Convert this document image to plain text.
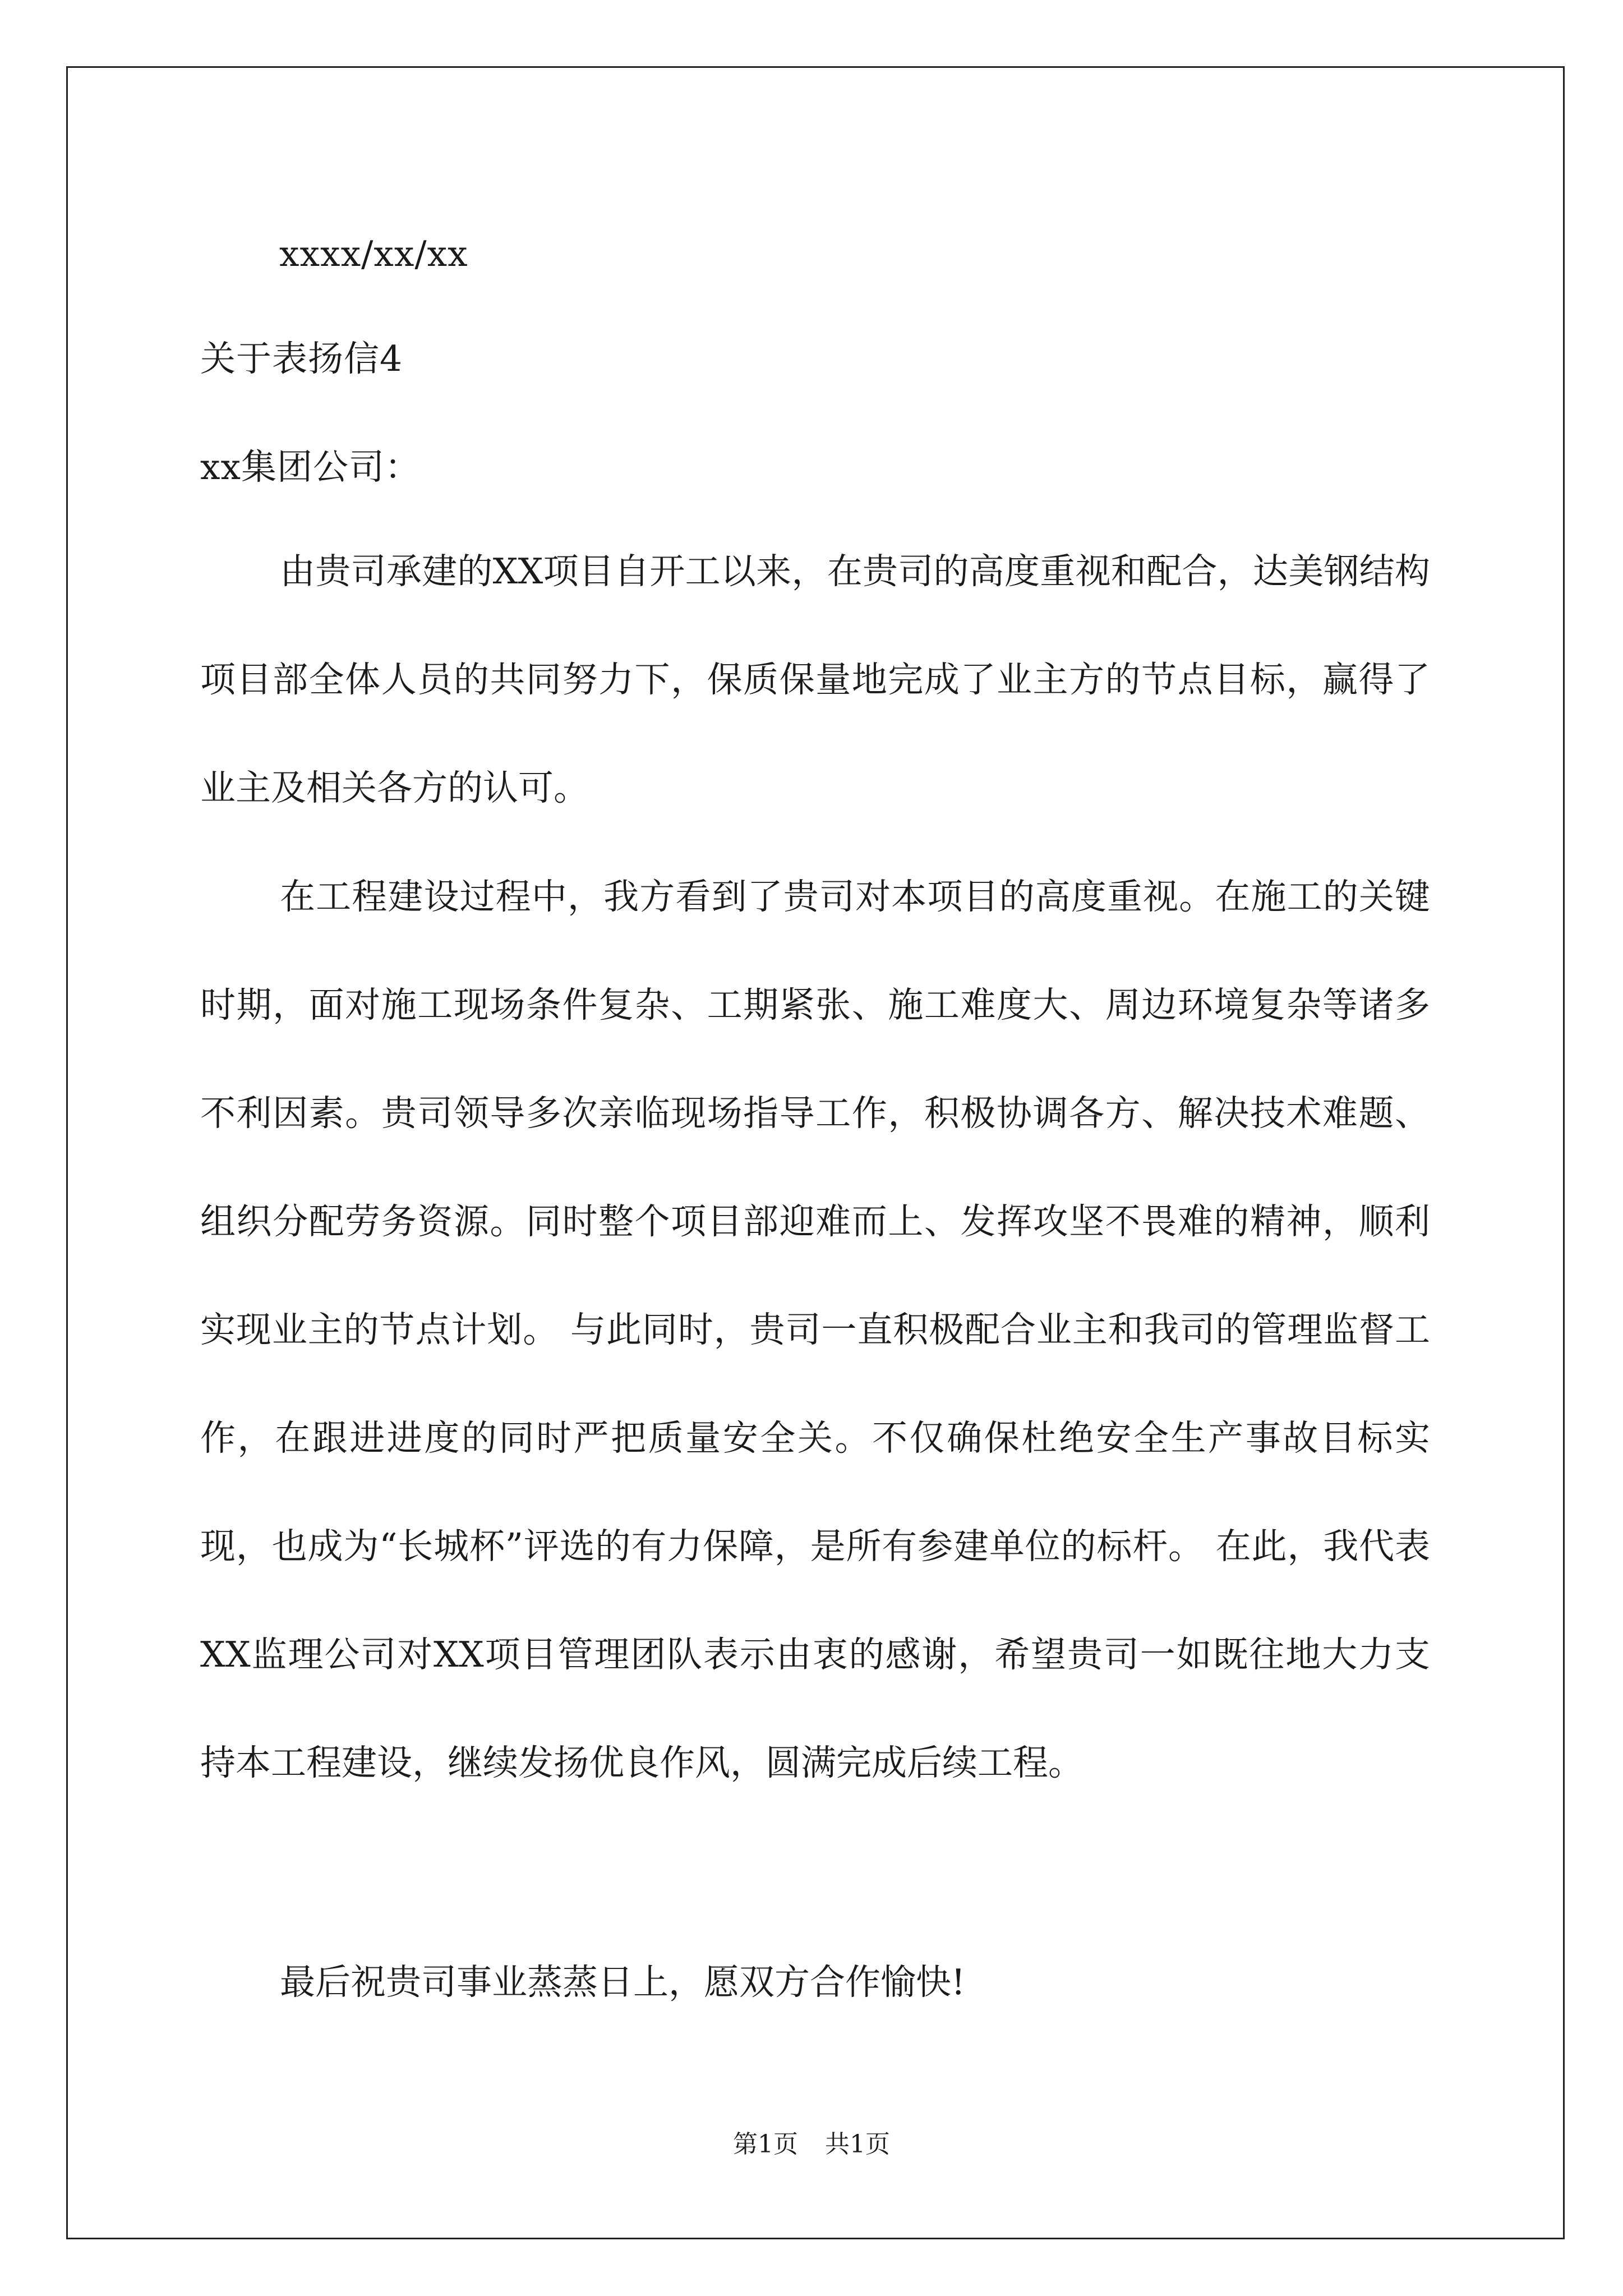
xxxx/xx/xx
关于表扬信4
xx集团公司：
由贵司承建的XX项目自开工以来，在贵司的高度重视和配合，达美钢结构项目部全体人员的共同努力下，保质保量地完成了业主方的节点目标，赢得了业主及相关各方的认可。
在工程建设过程中，我方看到了贵司对本项目的高度重视。在施工的关键时期，面对施工现场条件复杂、工期紧张、施工难度大、周边环境复杂等诸多不利因素。贵司领导多次亲临现场指导工作，积极协调各方、解决技术难题、组织分配劳务资源。同时整个项目部迎难而上、发挥攻坚不畏难的精神，顺利实现业主的节点计划。 与此同时，贵司一直积极配合业主和我司的管理监督工作，在跟进进度的同时严把质量安全关。不仅确保杜绝安全生产事故目标实现，也成为“长城杯”评选的有力保障，是所有参建单位的标杆。 在此，我代表XX监理公司对XX项目管理团队表示由衷的感谢，希望贵司一如既往地大力支持本工程建设，继续发扬优良作风，圆满完成后续工程。
最后祝贵司事业蒸蒸日上，愿双方合作愉快!
第1页 共1页
